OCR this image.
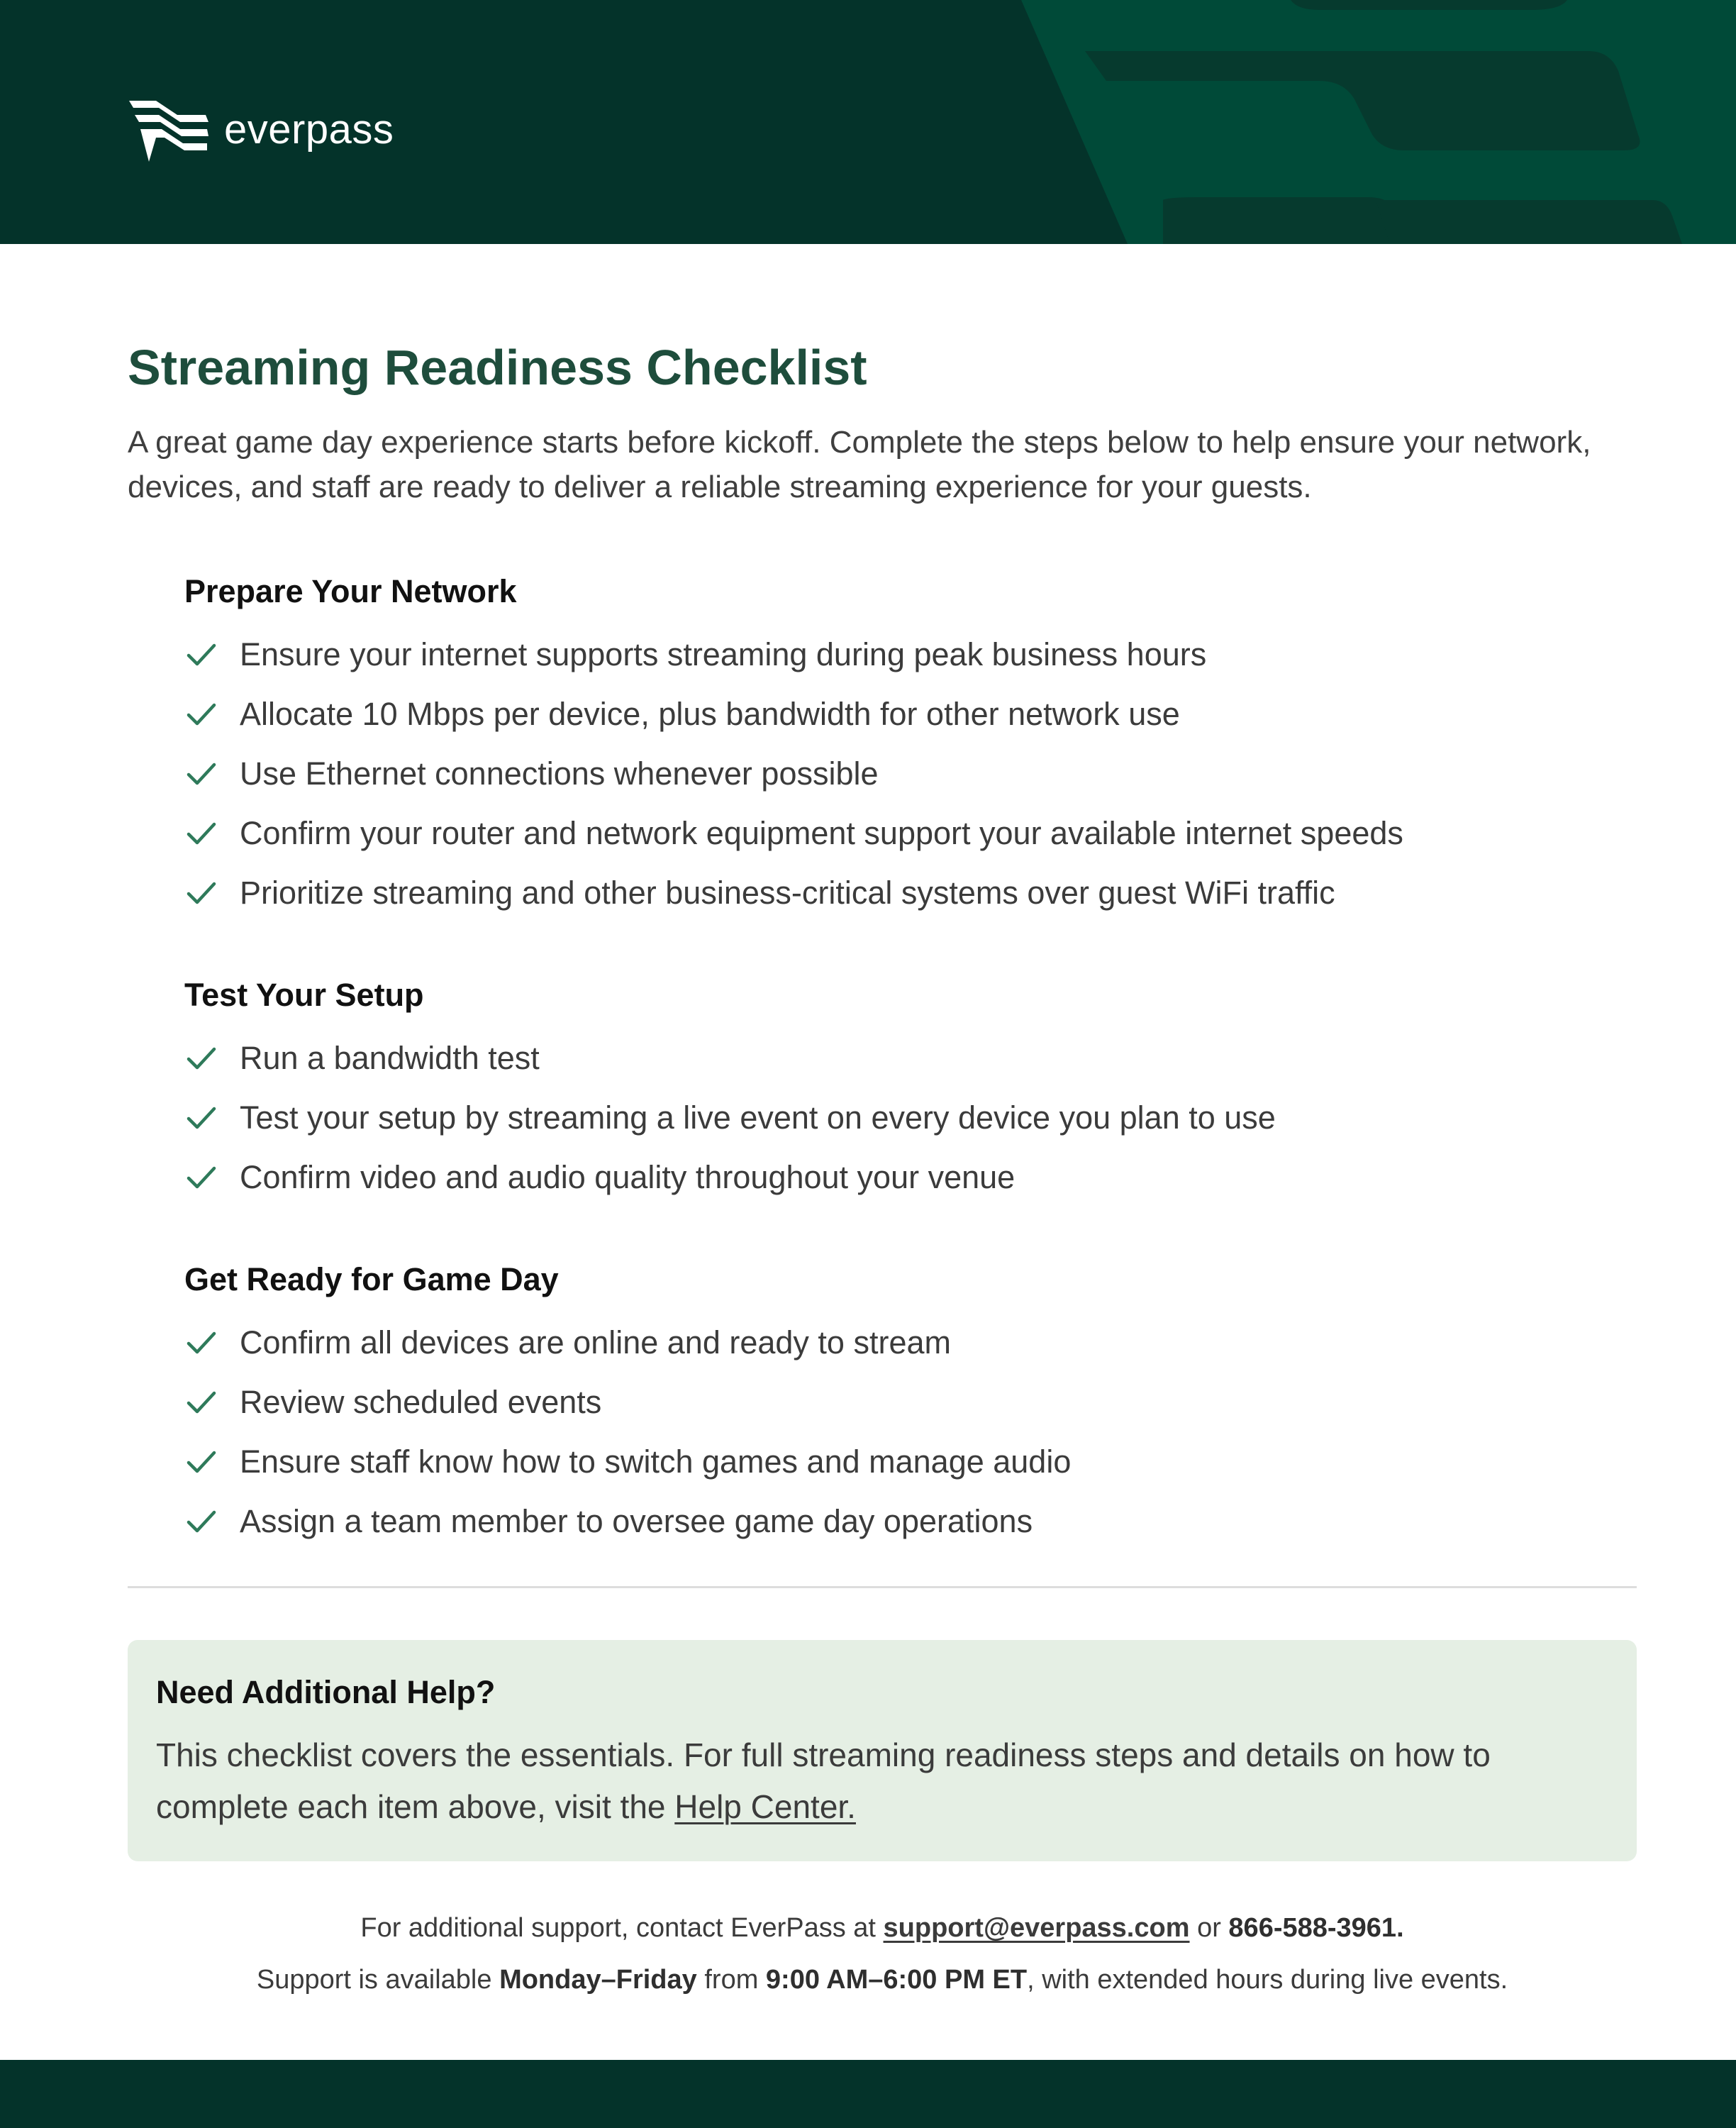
everpass
Streaming Readiness Checklist

A great game day experience starts before kickoff. Complete the steps below to help ensure your network, devices, and staff are ready to deliver a reliable streaming experience for your guests.

Prepare Your Network
Ensure your internet supports streaming during peak business hours
Allocate 10 Mbps per device, plus bandwidth for other network use
Use Ethernet connections whenever possible
Confirm your router and network equipment support your available internet speeds
Prioritize streaming and other business-critical systems over guest WiFi traffic
Test Your Setup
Run a bandwidth test
Test your setup by streaming a live event on every device you plan to use
Confirm video and audio quality throughout your venue
Get Ready for Game Day
Confirm all devices are online and ready to stream
Review scheduled events
Ensure staff know how to switch games and manage audio
Assign a team member to oversee game day operations
Need Additional Help?

This checklist covers the essentials. For full streaming readiness steps and details on how to complete each item above, visit the Help Center.

For additional support, contact EverPass at support@everpass.com or 866-588-3961.
Support is available Monday–Friday from 9:00 AM–6:00 PM ET, with extended hours during live events.
